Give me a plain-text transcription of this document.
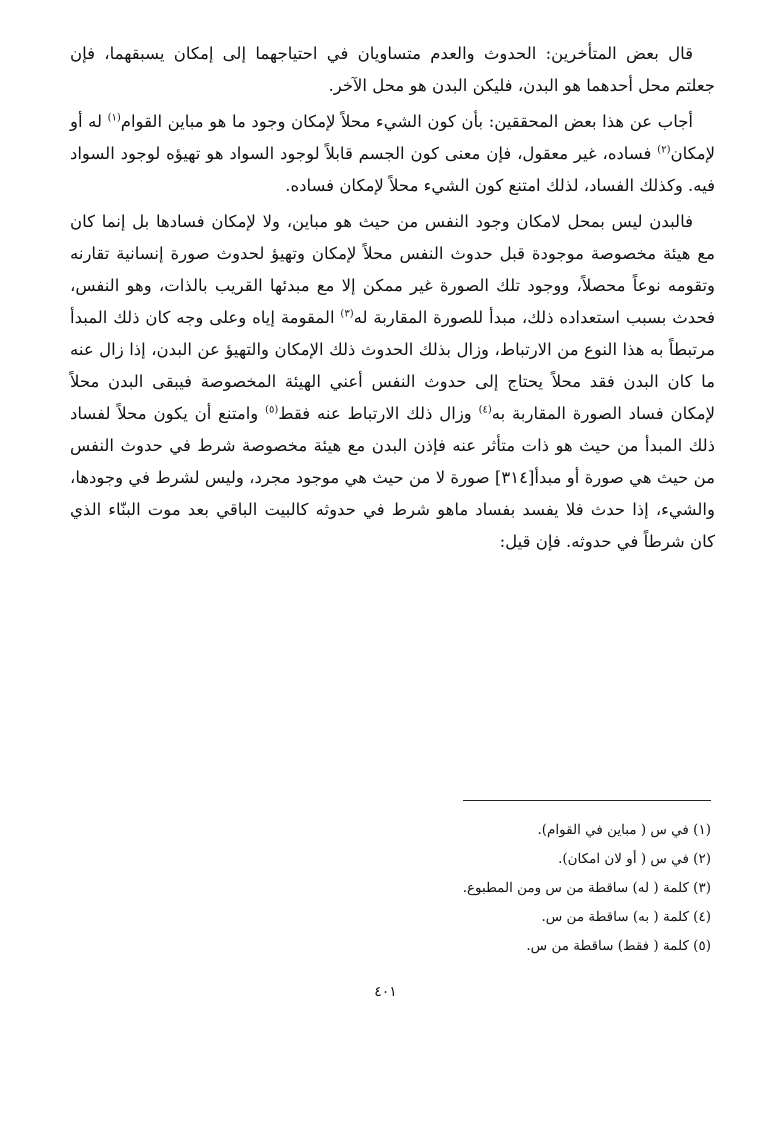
قال بعض المتأخرين: الحدوث والعدم متساويان في احتياجهما إلى إمكان يسبقهما، فإن جعلتم محل أحدهما هو البدن، فليكن البدن هو محل الآخر.

أجاب عن هذا بعض المحققين: بأن كون الشيء محلاً لإمكان وجود ما هو مباين القوام$^{(١)}$ له أو لإمكان$^{(٢)}$ فساده، غير معقول، فإن معنى كون الجسم قابلاً لوجود السواد هو تهيؤه لوجود السواد فيه. وكذلك الفساد، لذلك امتنع كون الشيء محلاً لإمكان فساده.

فالبدن ليس بمحل لامكان وجود النفس من حيث هو مباين، ولا لإمكان فسادها بل إنما كان مع هيئة مخصوصة موجودة قبل حدوث النفس محلاً لإمكان وتهيؤ لحدوث صورة إنسانية تقارنه وتقومه نوعاً محصلاً، ووجود تلك الصورة غير ممكن إلا مع مبدئها القريب بالذات، وهو النفس، فحدث بسبب استعداده ذلك، مبدأ للصورة المقاربة له$^{(٣)}$ المقومة إياه وعلى وجه كان ذلك المبدأ مرتبطاً به هذا النوع من الارتباط، وزال بذلك الحدوث ذلك الإمكان والتهيؤ عن البدن، إذا زال عنه ما كان البدن فقد محلاً يحتاج إلى حدوث النفس أعني الهيئة المخصوصة فيبقى البدن محلاً لإمكان فساد الصورة المقاربة به$^{(٤)}$ وزال ذلك الارتباط عنه فقط$^{(٥)}$ وامتنع أن يكون محلاً لفساد ذلك المبدأ من حيث هو ذات متأثر عنه فإذن البدن مع هيئة مخصوصة شرط في حدوث النفس من حيث هي صورة أو مبدأ[٣١٤] صورة لا من حيث هي موجود مجرد، وليس لشرط في وجودها، والشيء، إذا حدث فلا يفسد بفساد ماهو شرط في حدوثه كالبيت الباقي بعد موت البنّاء الذي كان شرطاً في حدوثه. فإن قيل:

(١) في س ( مباين في القوام).
(٢) في س ( أو لان امكان).
(٣) كلمة ( له) ساقطة من س ومن المطبوع.
(٤) كلمة ( به) ساقطة من س.
(٥) كلمة ( فقط) ساقطة من س.
٤٠١
